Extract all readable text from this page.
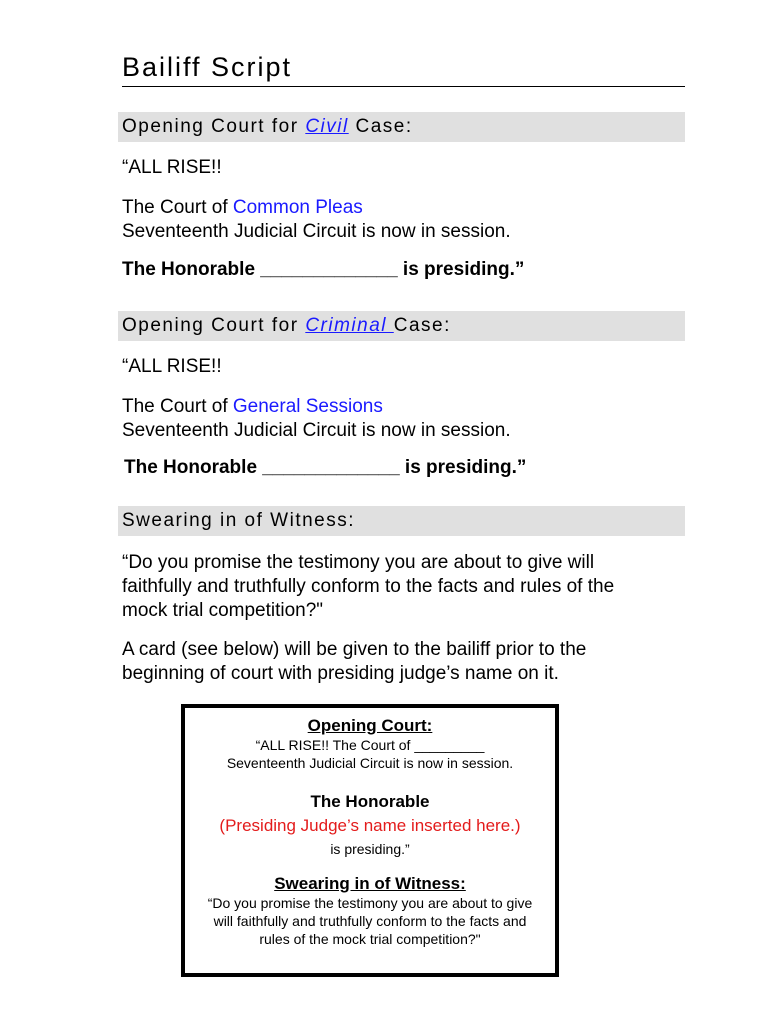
Bailiff Script
Opening Court for Civil Case:
“ALL RISE!!
The Court of Common Pleas
Seventeenth Judicial Circuit is now in session.
The Honorable _____________ is presiding.”
Opening Court for Criminal Case:
“ALL RISE!!
The Court of General Sessions
Seventeenth Judicial Circuit is now in session.
The Honorable _____________ is presiding.”
Swearing in of Witness:
“Do you promise the testimony you are about to give will
faithfully and truthfully conform to the facts and rules of the
mock trial competition?"
A card (see below) will be given to the bailiff prior to the
beginning of court with presiding judge’s name on it.
Opening Court:
“ALL RISE!! The Court of _________
Seventeenth Judicial Circuit is now in session.
The Honorable
(Presiding Judge’s name inserted here.)
is presiding.”
Swearing in of Witness:
“Do you promise the testimony you are about to give
will faithfully and truthfully conform to the facts and
rules of the mock trial competition?"
